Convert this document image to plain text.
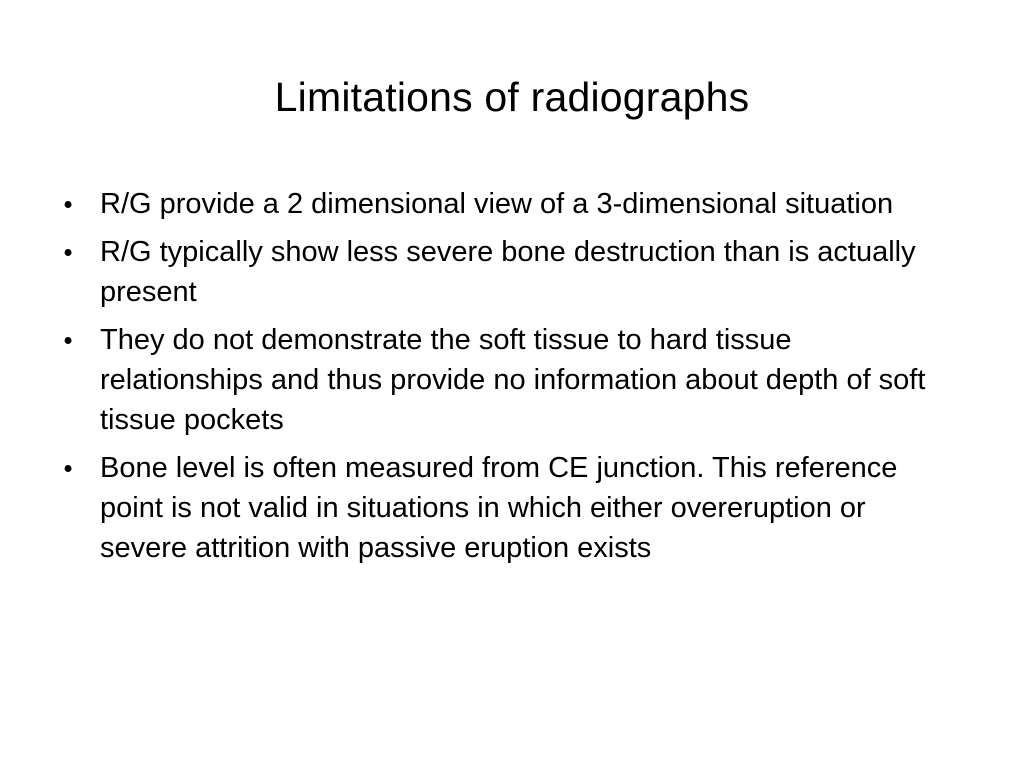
Limitations of radiographs
• R/G provide a 2 dimensional view of a 3-dimensional situation
• R/G typically show less severe bone destruction than is actually present
• They do not demonstrate the soft tissue to hard tissue relationships and thus provide no information about depth of soft tissue pockets
• Bone level is often measured from CE junction. This reference point is not valid in situations in which either overeruption or severe attrition with passive eruption exists
